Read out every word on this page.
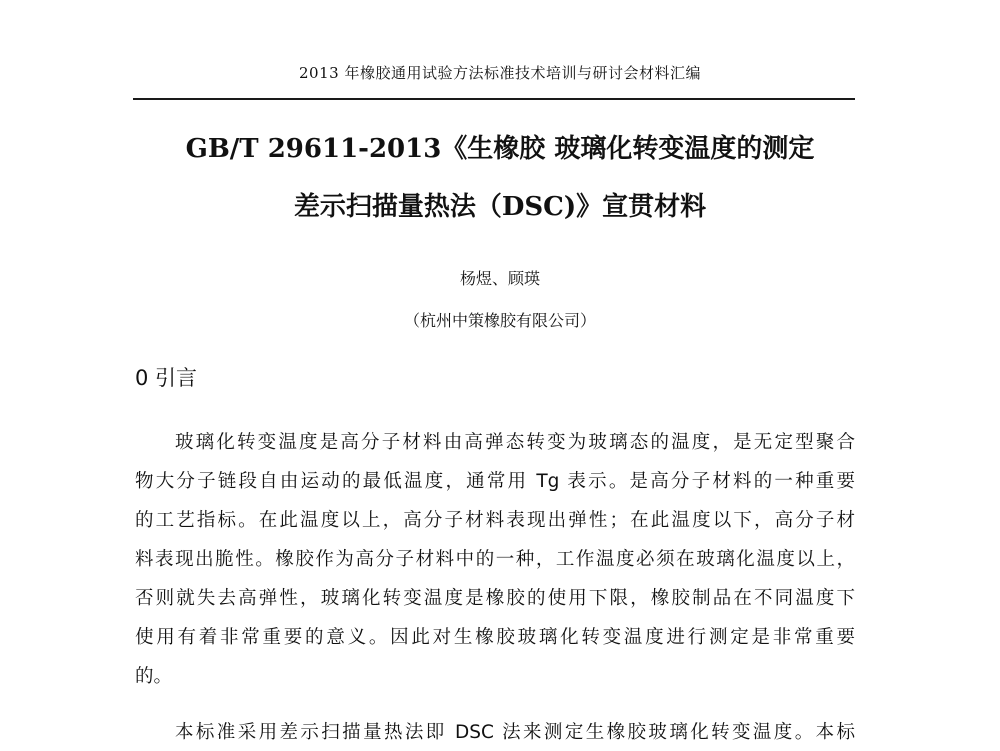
2013 年橡胶通用试验方法标准技术培训与研讨会材料汇编
GB/T 29611-2013《生橡胶 玻璃化转变温度的测定
差示扫描量热法（DSC)》宣贯材料
杨煜、顾瑛
（杭州中策橡胶有限公司）
0 引言
玻璃化转变温度是高分子材料由高弹态转变为玻璃态的温度，是无定型聚合
物大分子链段自由运动的最低温度，通常用 Tg 表示。是高分子材料的一种重要
的工艺指标。在此温度以上，高分子材料表现出弹性；在此温度以下，高分子材
料表现出脆性。橡胶作为高分子材料中的一种，工作温度必须在玻璃化温度以上，
否则就失去高弹性，玻璃化转变温度是橡胶的使用下限，橡胶制品在不同温度下
使用有着非常重要的意义。因此对生橡胶玻璃化转变温度进行测定是非常重要
的。
本标准采用差示扫描量热法即 DSC 法来测定生橡胶玻璃化转变温度。本标
